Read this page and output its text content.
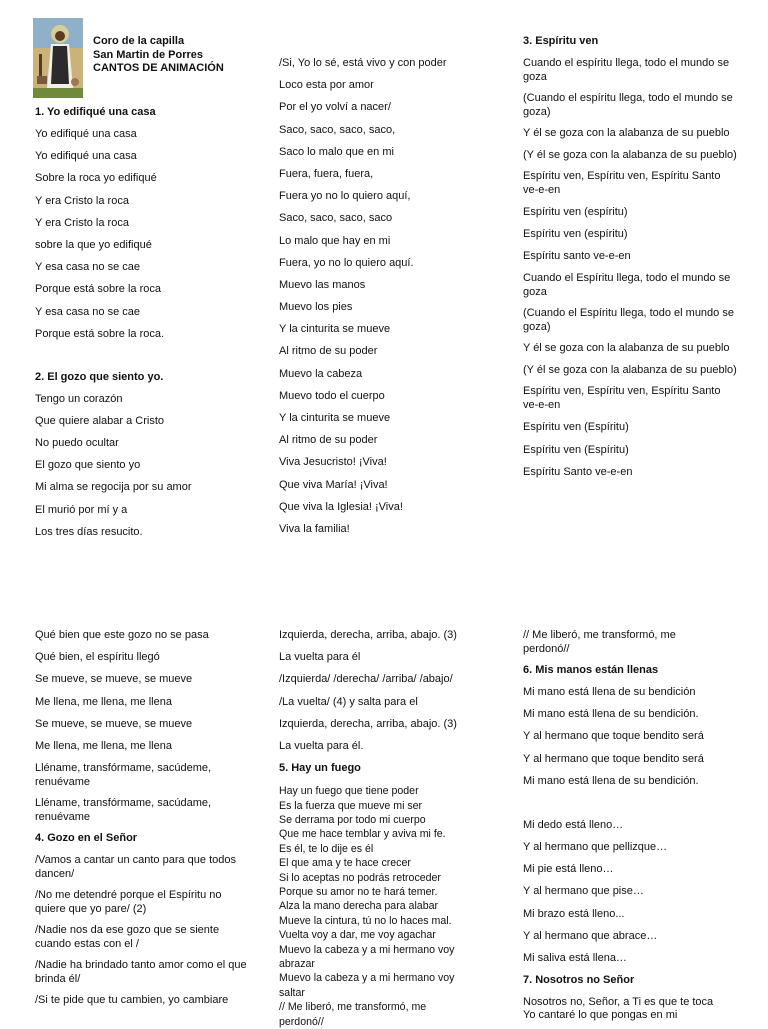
Coro de la capilla
San Martin de Porres
CANTOS DE ANIMACIÓN
1. Yo edifiqué una casa
Yo edifiqué una casa
Yo edifiqué una casa
Sobre la roca yo edifiqué
Y era Cristo la roca
Y era Cristo la roca
sobre la que yo edifiqué
Y esa casa no se cae
Porque está sobre la roca
Y esa casa no se cae
Porque está sobre la roca.
2. El gozo que siento yo.
Tengo un corazón
Que quiere alabar a Cristo
No puedo ocultar
El gozo que siento yo
Mi alma se regocija por su amor
El murió por mí y a
Los tres días resucito.
/Si, Yo lo sé, está vivo y con poder
Loco esta por amor
Por el yo volví a nacer/
Saco, saco, saco, saco,
Saco lo malo que en mi
Fuera, fuera, fuera,
Fuera yo no lo quiero aquí,
Saco, saco, saco, saco
Lo malo que hay en mi
Fuera, yo no lo quiero aquí.
Muevo las manos
Muevo los pies
Y la cinturita se mueve
Al ritmo de su poder
Muevo la cabeza
Muevo todo el cuerpo
Y la cinturita se mueve
Al ritmo de su poder
Viva Jesucristo! ¡Viva!
Que viva María! ¡Viva!
Que viva la Iglesia! ¡Viva!
Viva la familia!
3. Espíritu ven
Cuando el espíritu llega, todo el mundo se goza
(Cuando el espíritu llega, todo el mundo se goza)
Y él se goza con la alabanza de su pueblo
(Y él se goza con la alabanza de su pueblo)
Espíritu ven, Espíritu ven, Espíritu Santo ve-e-en
Espíritu ven (espíritu)
Espíritu ven (espíritu)
Espíritu santo ve-e-en
Cuando el Espíritu llega, todo el mundo se goza
(Cuando el Espíritu llega, todo el mundo se goza)
Y él se goza con la alabanza de su pueblo
(Y él se goza con la alabanza de su pueblo)
Espíritu ven, Espíritu ven, Espíritu Santo ve-e-en
Espíritu ven (Espíritu)
Espíritu ven (Espíritu)
Espíritu Santo ve-e-en
Qué bien que este gozo no se pasa
Qué bien, el espíritu llegó
Se mueve, se mueve, se mueve
Me llena, me llena, me llena
Se mueve, se mueve, se mueve
Me llena, me llena, me llena
Lléname, transfórmame, sacúdeme, renuévame
Lléname, transfórmame, sacúdame, renuévame
4. Gozo en el Señor
/Vamos a cantar un canto para que todos dancen/
/No me detendré porque el Espíritu no quiere que yo pare/ (2)
/Nadie nos da ese gozo que se siente cuando estas con el /
/Nadie ha brindado tanto amor como el que brinda él/
/Si te pide que tu cambien, yo cambiare
Izquierda, derecha, arriba, abajo. (3)
La vuelta para él
/Izquierda/ /derecha/ /arriba/ /abajo/
/La vuelta/ (4) y salta para el
Izquierda, derecha, arriba, abajo. (3)
La vuelta para él.
5. Hay un fuego
Hay un fuego que tiene poder
Es la fuerza que mueve mi ser
Se derrama por todo mi cuerpo
Que me hace temblar y aviva mi fe.
Es él, te lo dije es él
El que ama y te hace crecer
Si lo aceptas no podrás retroceder
Porque su amor no te hará temer.
Alza la mano derecha para alabar
Mueve la cintura, tú no lo haces mal.
Vuelta voy a dar, me voy agachar
Muevo la cabeza y a mi hermano voy abrazar
Muevo la cabeza y a mi hermano voy saltar
// Me liberó, me transformó, me perdonó//
// Me liberó, me transformó, me perdonó//
6. Mis manos están llenas
Mi mano está llena de su bendición
Mi mano está llena de su bendición.
Y al hermano que toque bendito será
Y al hermano que toque bendito será
Mi mano está llena de su bendición.
Mi dedo está lleno…
Y al hermano que pellizque…
Mi pie está lleno…
Y al hermano que pise…
Mi brazo está lleno...
Y al hermano que abrace…
Mi saliva está llena…
7. Nosotros no Señor
Nosotros no, Señor, a Ti es que te toca
Yo cantaré lo que pongas en mi
